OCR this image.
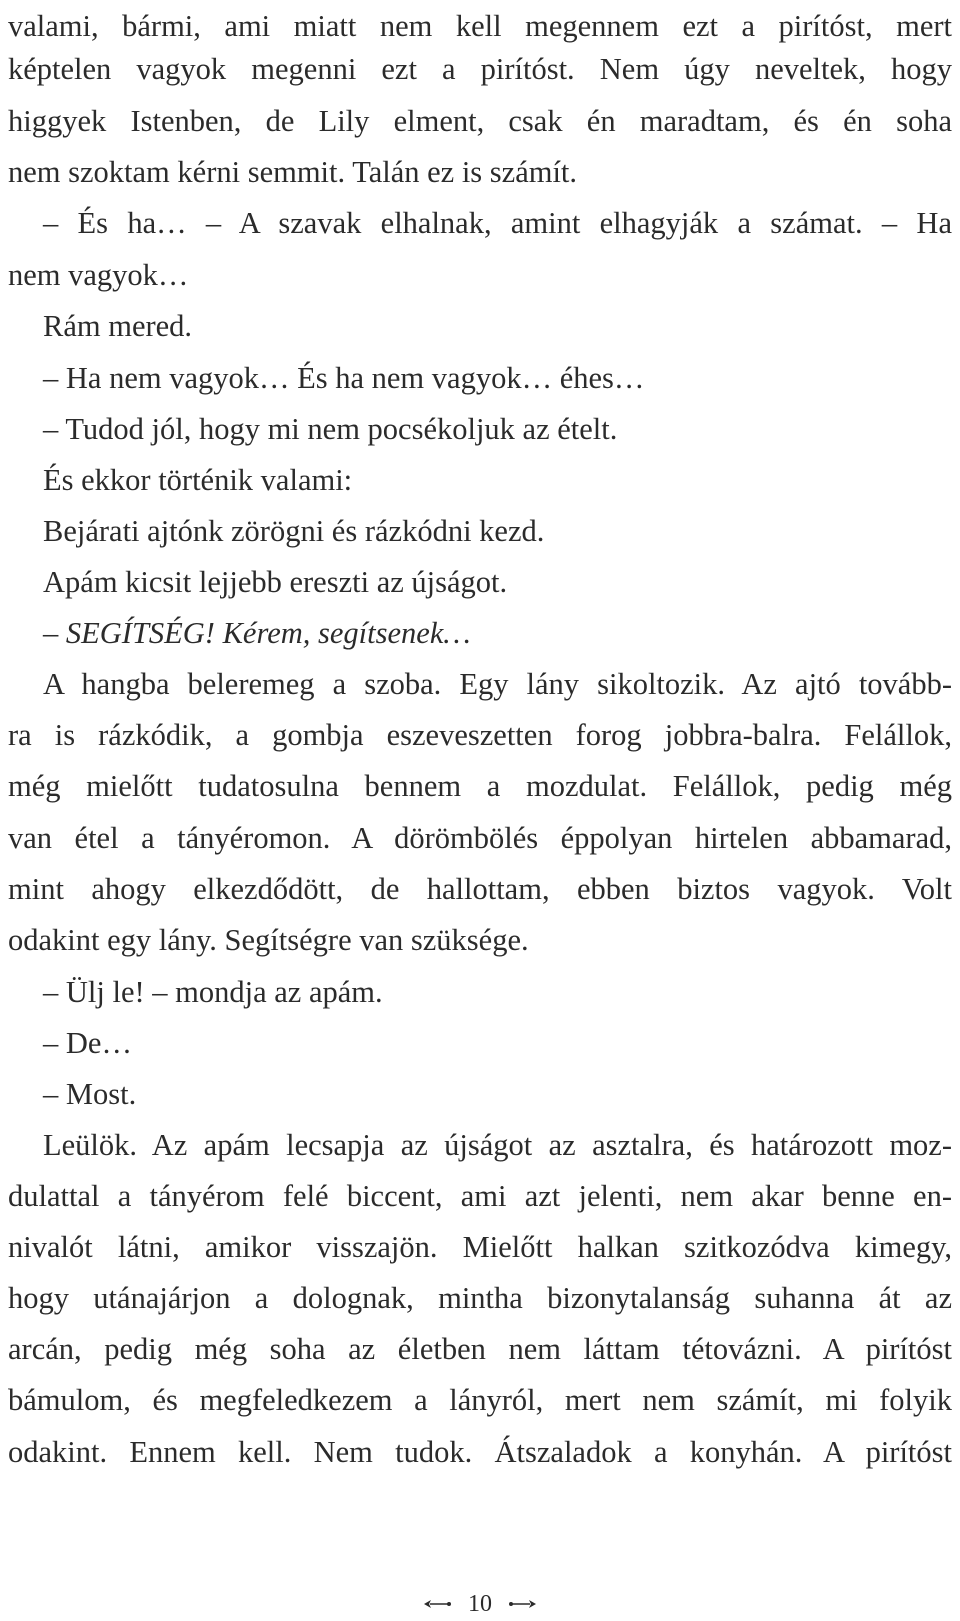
valami, bármi, ami miatt nem kell megennem ezt a pirítóst, mert
képtelen vagyok megenni ezt a pirítóst. Nem úgy neveltek, hogy
higgyek Istenben, de Lily elment, csak én maradtam, és én soha
nem szoktam kérni semmit. Talán ez is számít.
– És ha… – A szavak elhalnak, amint elhagyják a számat. – Ha
nem vagyok…
Rám mered.
– Ha nem vagyok… És ha nem vagyok… éhes…
– Tudod jól, hogy mi nem pocsékoljuk az ételt.
És ekkor történik valami:
Bejárati ajtónk zörögni és rázkódni kezd.
Apám kicsit lejjebb ereszti az újságot.
– SEGÍTSÉG! Kérem, segítsenek…
A hangba beleremeg a szoba. Egy lány sikoltozik. Az ajtó tovább-
ra is rázkódik, a gombja eszeveszetten forog jobbra-balra. Felállok,
még mielőtt tudatosulna bennem a mozdulat. Felállok, pedig még
van étel a tányéromon. A dörömbölés éppolyan hirtelen abbamarad,
mint ahogy elkezdődött, de hallottam, ebben biztos vagyok. Volt
odakint egy lány. Segítségre van szüksége.
– Ülj le! – mondja az apám.
– De…
– Most.
Leülök. Az apám lecsapja az újságot az asztalra, és határozott moz-
dulattal a tányérom felé biccent, ami azt jelenti, nem akar benne en-
nivalót látni, amikor visszajön. Mielőtt halkan szitkozódva kimegy,
hogy utánajárjon a dolognak, mintha bizonytalanság suhanna át az
arcán, pedig még soha az életben nem láttam tétovázni. A pirítóst
bámulom, és megfeledkezem a lányról, mert nem számít, mi folyik
odakint. Ennem kell. Nem tudok. Átszaladok a konyhán. A pirítóst
10
